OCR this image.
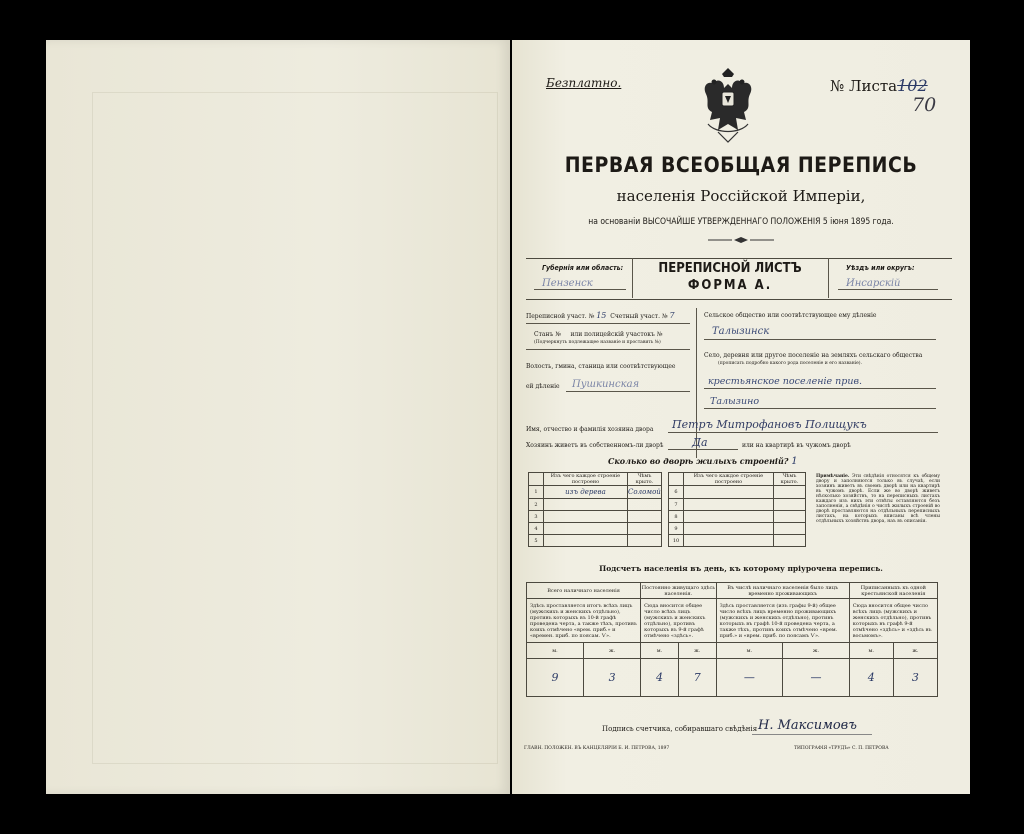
Безплатно.	№ Листа102
70
ПЕРВАЯ ВСЕОБЩАЯ ПЕРЕПИСЬ
населенія Россійской Имперіи,
на основаніи ВЫСОЧАЙШЕ УТВЕРЖДЕННАГО ПОЛОЖЕНІЯ 5 іюня 1895 года.
Губернія или область:
Пензенск
ПЕРЕПИСНОЙ ЛИСТЪ
ФОРМА А.
Уѣздъ или округъ:
Инсарскій
Переписной участ. № 15 Счетный участ. № 7
Станъ № или полицейскій участокъ №
(Подчеркнуть подлежащее названіе и проставить №)
Волость, гмина, станица или соотвѣтствующее
ей дѣленіе Пушкинская
Сельское общество или соотвѣтствующее ему дѣленіе
Талызинск
Село, деревня или другое поселеніе на земляхъ сельскаго общества
(прописать подробно какого рода поселеніе и его названіе).
крестьянское поселеніе прив.
Талызино
Имя, отчество и фамилія хозяина двора Петръ Митрофановъ Полищукъ
Хозяинъ живетъ въ собственномъ-ли дворѣ	Да	или на квартирѣ въ чужомъ дворѣ
Сколько во дворѣ жилыхъ строеній? 1
	Изъ чего каждое строеніе построено	Чѣмъ крыто.
1	изъ дерева	Соломой
2		
3		
4		
5		
	Изъ чего каждое строеніе построено	Чѣмъ крыто.
6		
7		
8		
9		
10		
Примѣчаніе. Эти свѣдѣнія относятся къ общему двору и заполняются только въ случаѣ, если хозяинъ живетъ въ своемъ дворѣ или на квартирѣ въ чужомъ дворѣ. Если же во дворѣ живетъ нѣсколько хозяйствъ, то на переписныхъ листахъ каждаго изъ нихъ эти отвѣты оставляются безъ заполненія, а свѣдѣнія о числѣ жилыхъ строеній во дворѣ проставляются на отдѣльныхъ переписныхъ листахъ, на которыхъ вписаны всѣ члены отдѣльныхъ хозяйствъ двора, наъ въ описаніи.
Подсчетъ населенія въ день, къ которому пріурочена перепись.
Всего наличнаго населенія		Постоянно живущаго здѣсь населенія.		Въ числѣ наличнаго населенія было лицъ временно проживающихъ		Приписанныхъ къ одной крестьянской населенія	
Здѣсь проставляется итогъ всѣхъ лицъ (мужскихъ и женскихъ отдѣльно), противъ которыхъ въ 10-й графѣ проведена черта, а также тѣхъ, противъ коихъ отмѣчено «врем. приб.» и «времен. приб. по поясам. Ѵ».		Сюда вносится общее число всѣхъ лицъ (мужскихъ и женскихъ отдѣльно), противъ которыхъ въ 9-й графѣ отмѣчено «здѣсь».		Здѣсь проставляется (изъ графы 9-й) общее число всѣхъ лицъ временно проживающихъ (мужскихъ и женскихъ отдѣльно), противъ которыхъ въ графѣ 10-й проведена черта, а также тѣхъ, противъ коихъ отмѣчено «врем. приб.» и «врем. приб. по поясамъ Ѵ».		Сюда вносится общее число всѣхъ лицъ (мужскихъ и женскихъ отдѣльно), противъ которыхъ въ графѣ 9-й отмѣчено «здѣсь» и «здѣсь въ восьмомъ».	
м.	ж.	м.	ж.	м.	ж.	м.	ж.
9	3	4	7	—	—	4	3
Подпись счетчика, собиравшаго свѣдѣнія Н. Максимовъ
ГЛАВН. ПОЛОЖЕН. ВЪ КАНЦЕЛЯРІИ Б. И. ПЕТРОВА, 1897	ТИПОГРАФІЯ «ТРУДЪ» С. П. ПЕТРОВА
